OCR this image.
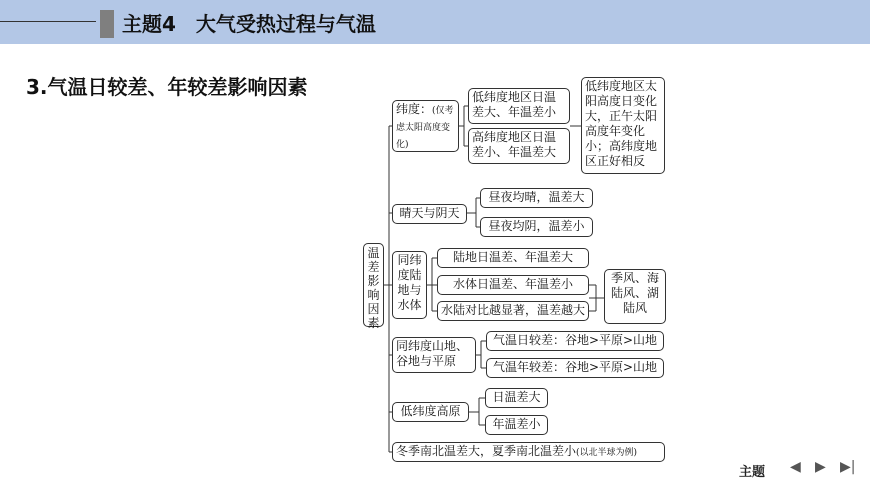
主题4　大气受热过程与气温
3.气温日较差、年较差影响因素
温差影响因素
纬度：(仅考虑太阳高度变化)
低纬度地区日温差大、年温差小
高纬度地区日温差小、年温差大
低纬度地区太阳高度日变化大，正午太阳高度年变化小；高纬度地区正好相反
晴天与阴天
昼夜均晴，温差大
昼夜均阴，温差小
同纬度陆地与水体
陆地日温差、年温差大
水体日温差、年温差小
水陆对比越显著，温差越大
季风、海陆风、湖陆风
同纬度山地、谷地与平原
气温日较差：谷地>平原>山地
气温年较差：谷地>平原>山地
低纬度高原
日温差大
年温差小
冬季南北温差大，夏季南北温差小(以北半球为例)
主题 ◀ ▶ ▶|
